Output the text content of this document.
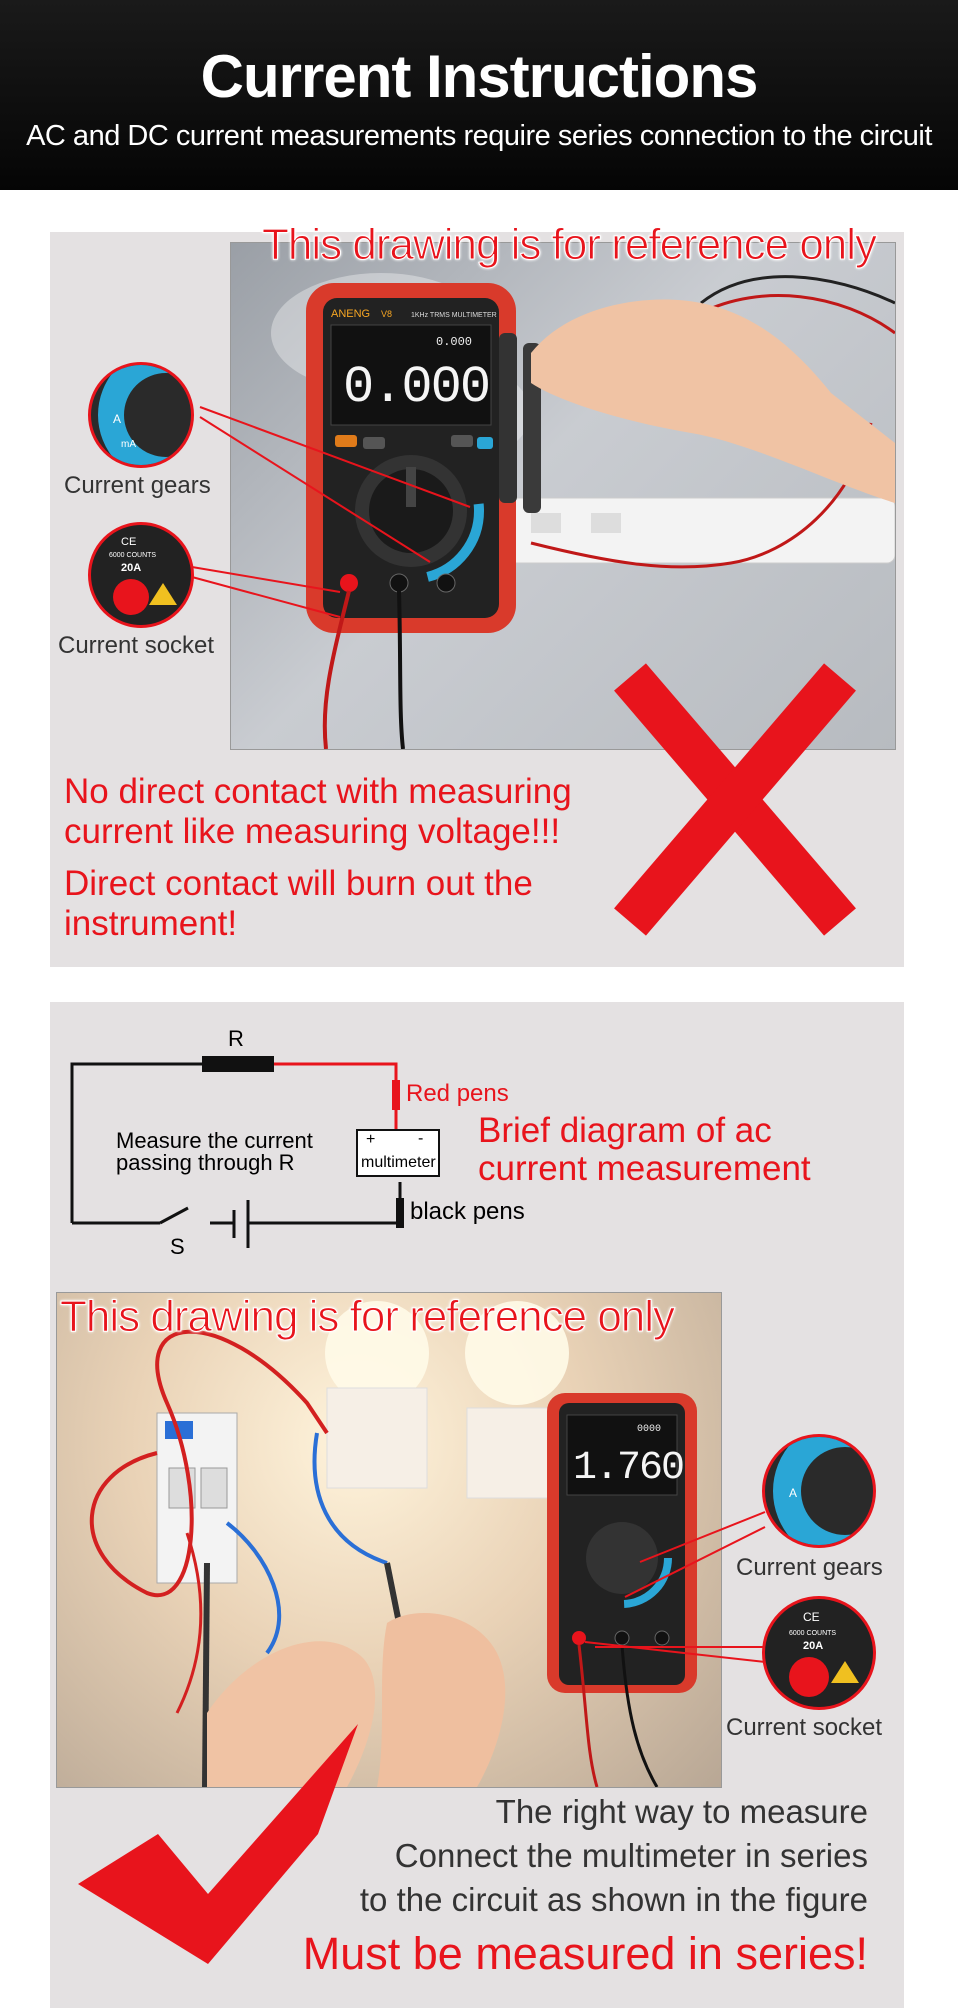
Current Instructions
AC and DC current measurements require series connection to the circuit
ANENG V8	1KHz TRMS MULTIMETER
0.000
0.000
This drawing is for reference only
A
mA
Current gears
CE
6000 COUNTS
20A
Current socket
No direct contact with measuring current like measuring voltage!!!
Direct contact will burn out the instrument!
R
Red pens
Measure the current
passing through R
+	-
multimeter
black pens
S
Brief diagram of ac
current measurement
0000
1.760
This drawing is for reference only
A
Current gears
CE
6000 COUNTS
20A
Current socket
The right way to measure
Connect the multimeter in series
to the circuit as shown in the figure
Must be measured in series!
